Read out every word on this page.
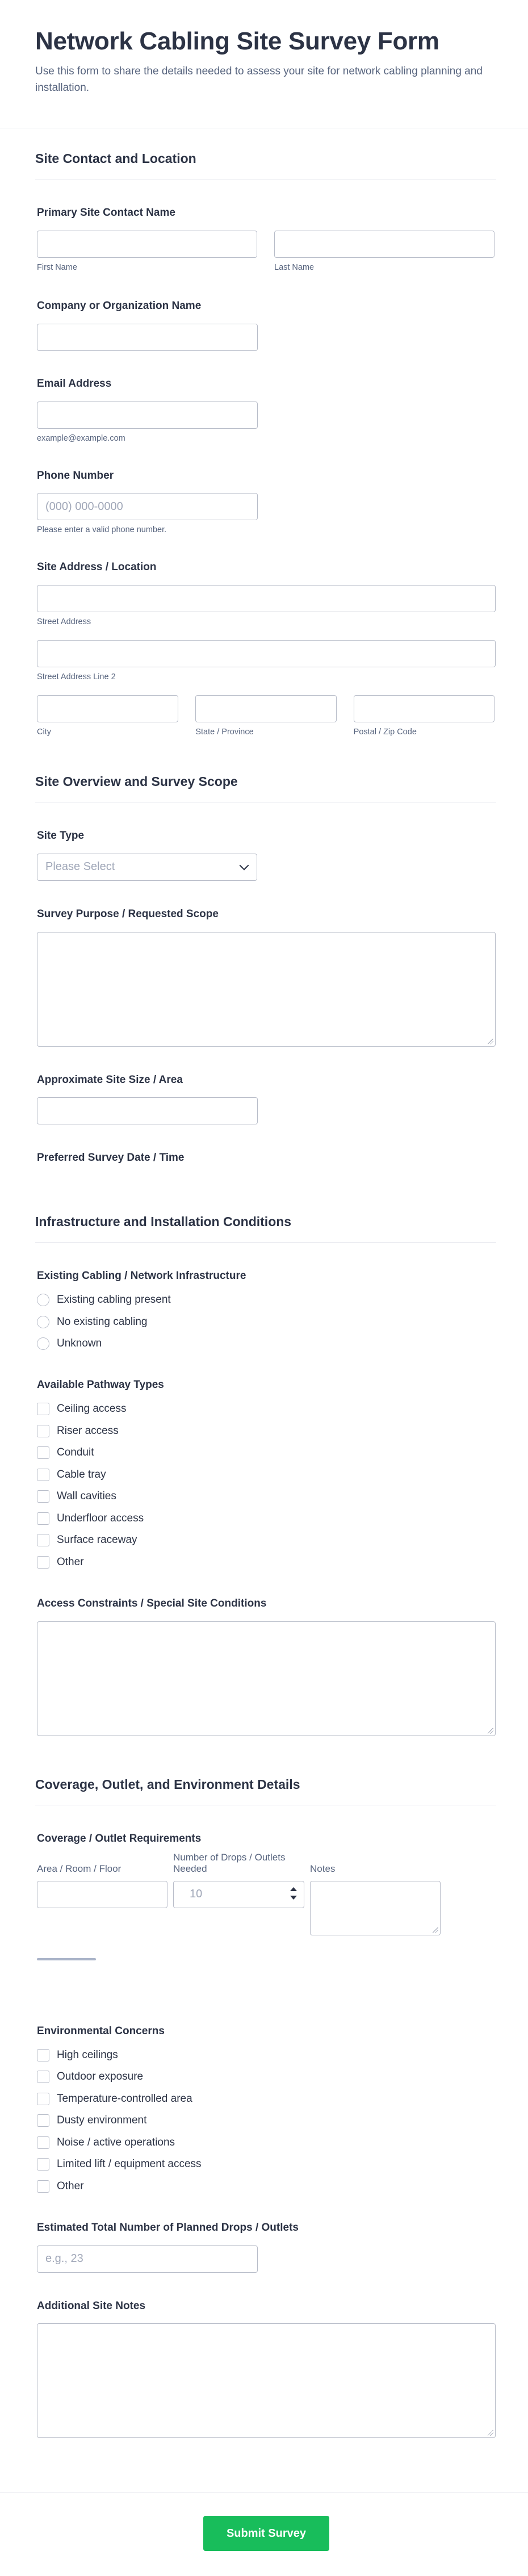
Network Cabling Site Survey Form

Use this form to share the details needed to assess your site for network cabling planning and installation.

Site Contact and Location
Primary Site Contact Name
First Name	Last Name
Company or Organization Name
Email Address
example@example.com
Phone Number
(000) 000-0000
Please enter a valid phone number.
Site Address / Location
Street Address
Street Address Line 2
City	State / Province	Postal / Zip Code
Site Overview and Survey Scope
Site Type
Please Select
Survey Purpose / Requested Scope
Approximate Site Size / Area
Preferred Survey Date / Time
Infrastructure and Installation Conditions
Existing Cabling / Network Infrastructure
Existing cabling present
No existing cabling
Unknown
Available Pathway Types
Ceiling access
Riser access
Conduit
Cable tray
Wall cavities
Underfloor access
Surface raceway
Other
Access Constraints / Special Site Conditions
Coverage, Outlet, and Environment Details
Coverage / Outlet Requirements
Area / Room / Floor
Number of Drops / Outlets Needed	Notes
10
Environmental Concerns
High ceilings
Outdoor exposure
Temperature-controlled area
Dusty environment
Noise / active operations
Limited lift / equipment access
Other
Estimated Total Number of Planned Drops / Outlets
e.g., 23
Additional Site Notes
Submit Survey
